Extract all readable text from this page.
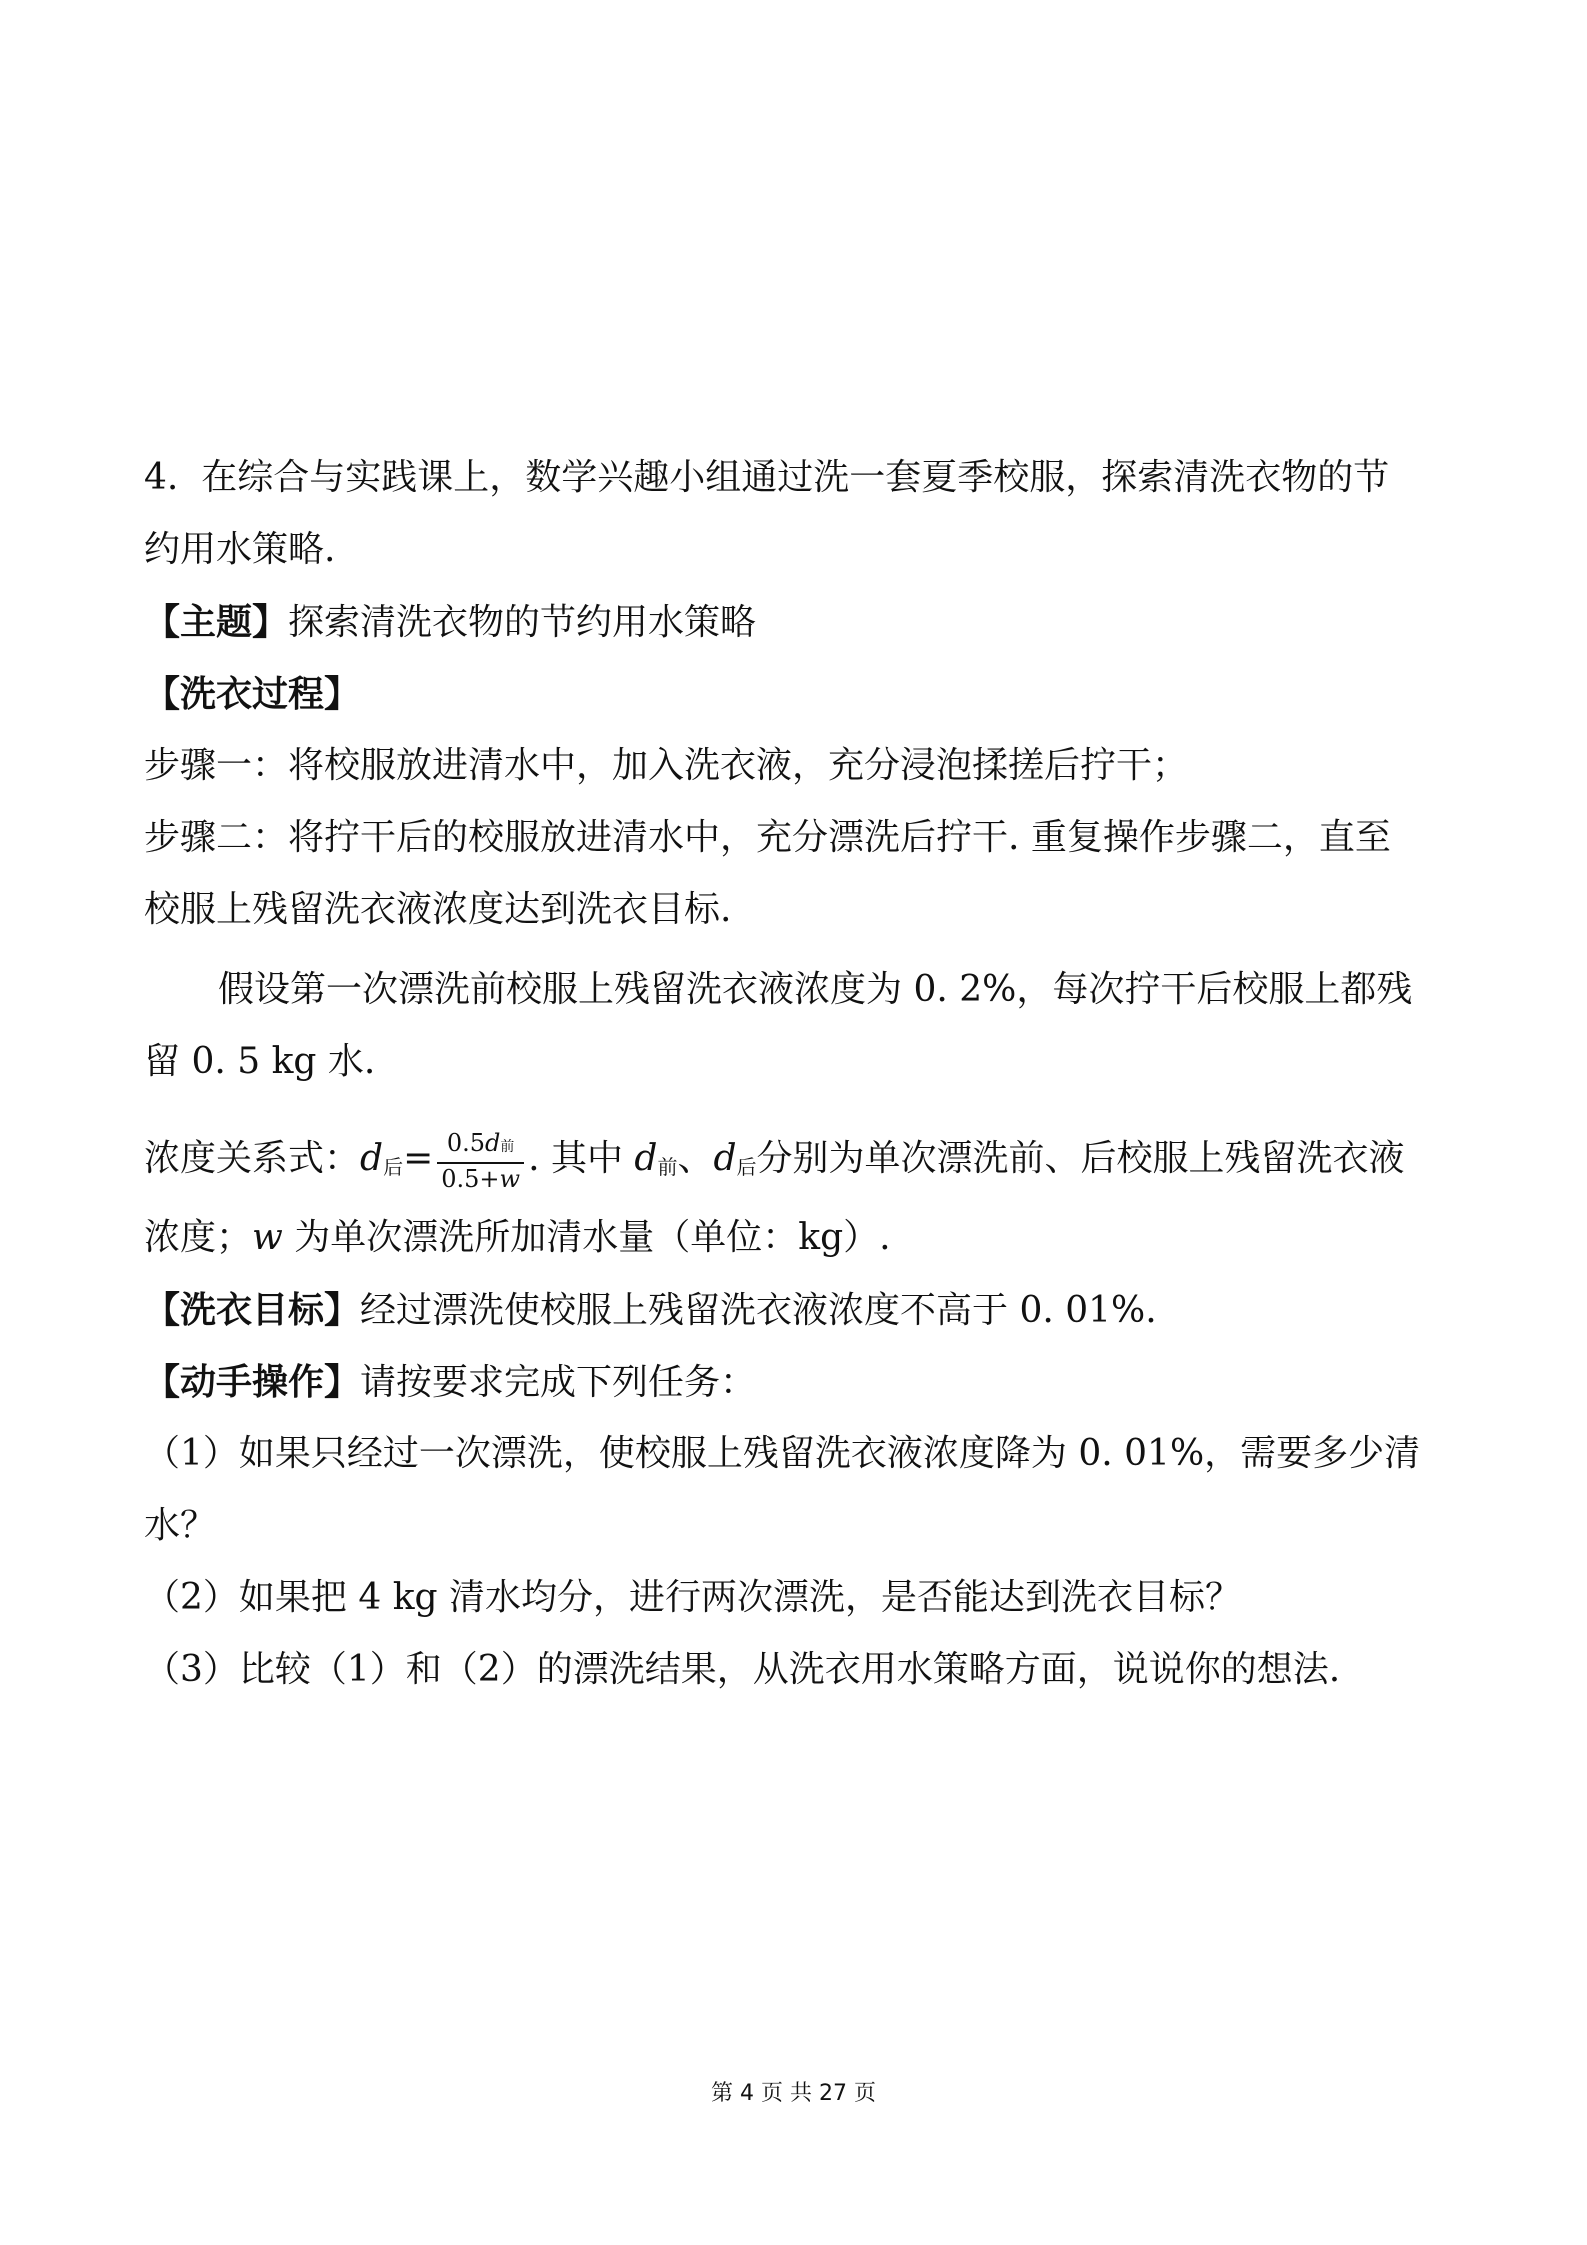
4. 在综合与实践课上，数学兴趣小组通过洗一套夏季校服，探索清洗衣物的节
约用水策略.
【主题】探索清洗衣物的节约用水策略
【洗衣过程】
步骤一：将校服放进清水中，加入洗衣液，充分浸泡揉搓后拧干；
步骤二：将拧干后的校服放进清水中，充分漂洗后拧干. 重复操作步骤二，直至
校服上残留洗衣液浓度达到洗衣目标.
假设第一次漂洗前校服上残留洗衣液浓度为 0. 2%，每次拧干后校服上都残
留 0. 5 kg 水.
浓度关系式：$d_后= \frac{\text{0.5d前}}{0.5+w}$ . 其中 $d_前$、$d_后$分别为单次漂洗前、后校服上残留洗衣液
浓度；w 为单次漂洗所加清水量（单位：kg）.
【洗衣目标】经过漂洗使校服上残留洗衣液浓度不高于 0. 01%.
【动手操作】请按要求完成下列任务：
（1）如果只经过一次漂洗，使校服上残留洗衣液浓度降为 0. 01%，需要多少清
水？
（2）如果把 4 kg 清水均分，进行两次漂洗，是否能达到洗衣目标？
（3）比较（1）和（2）的漂洗结果，从洗衣用水策略方面，说说你的想法.
第 4 页 共 27 页
